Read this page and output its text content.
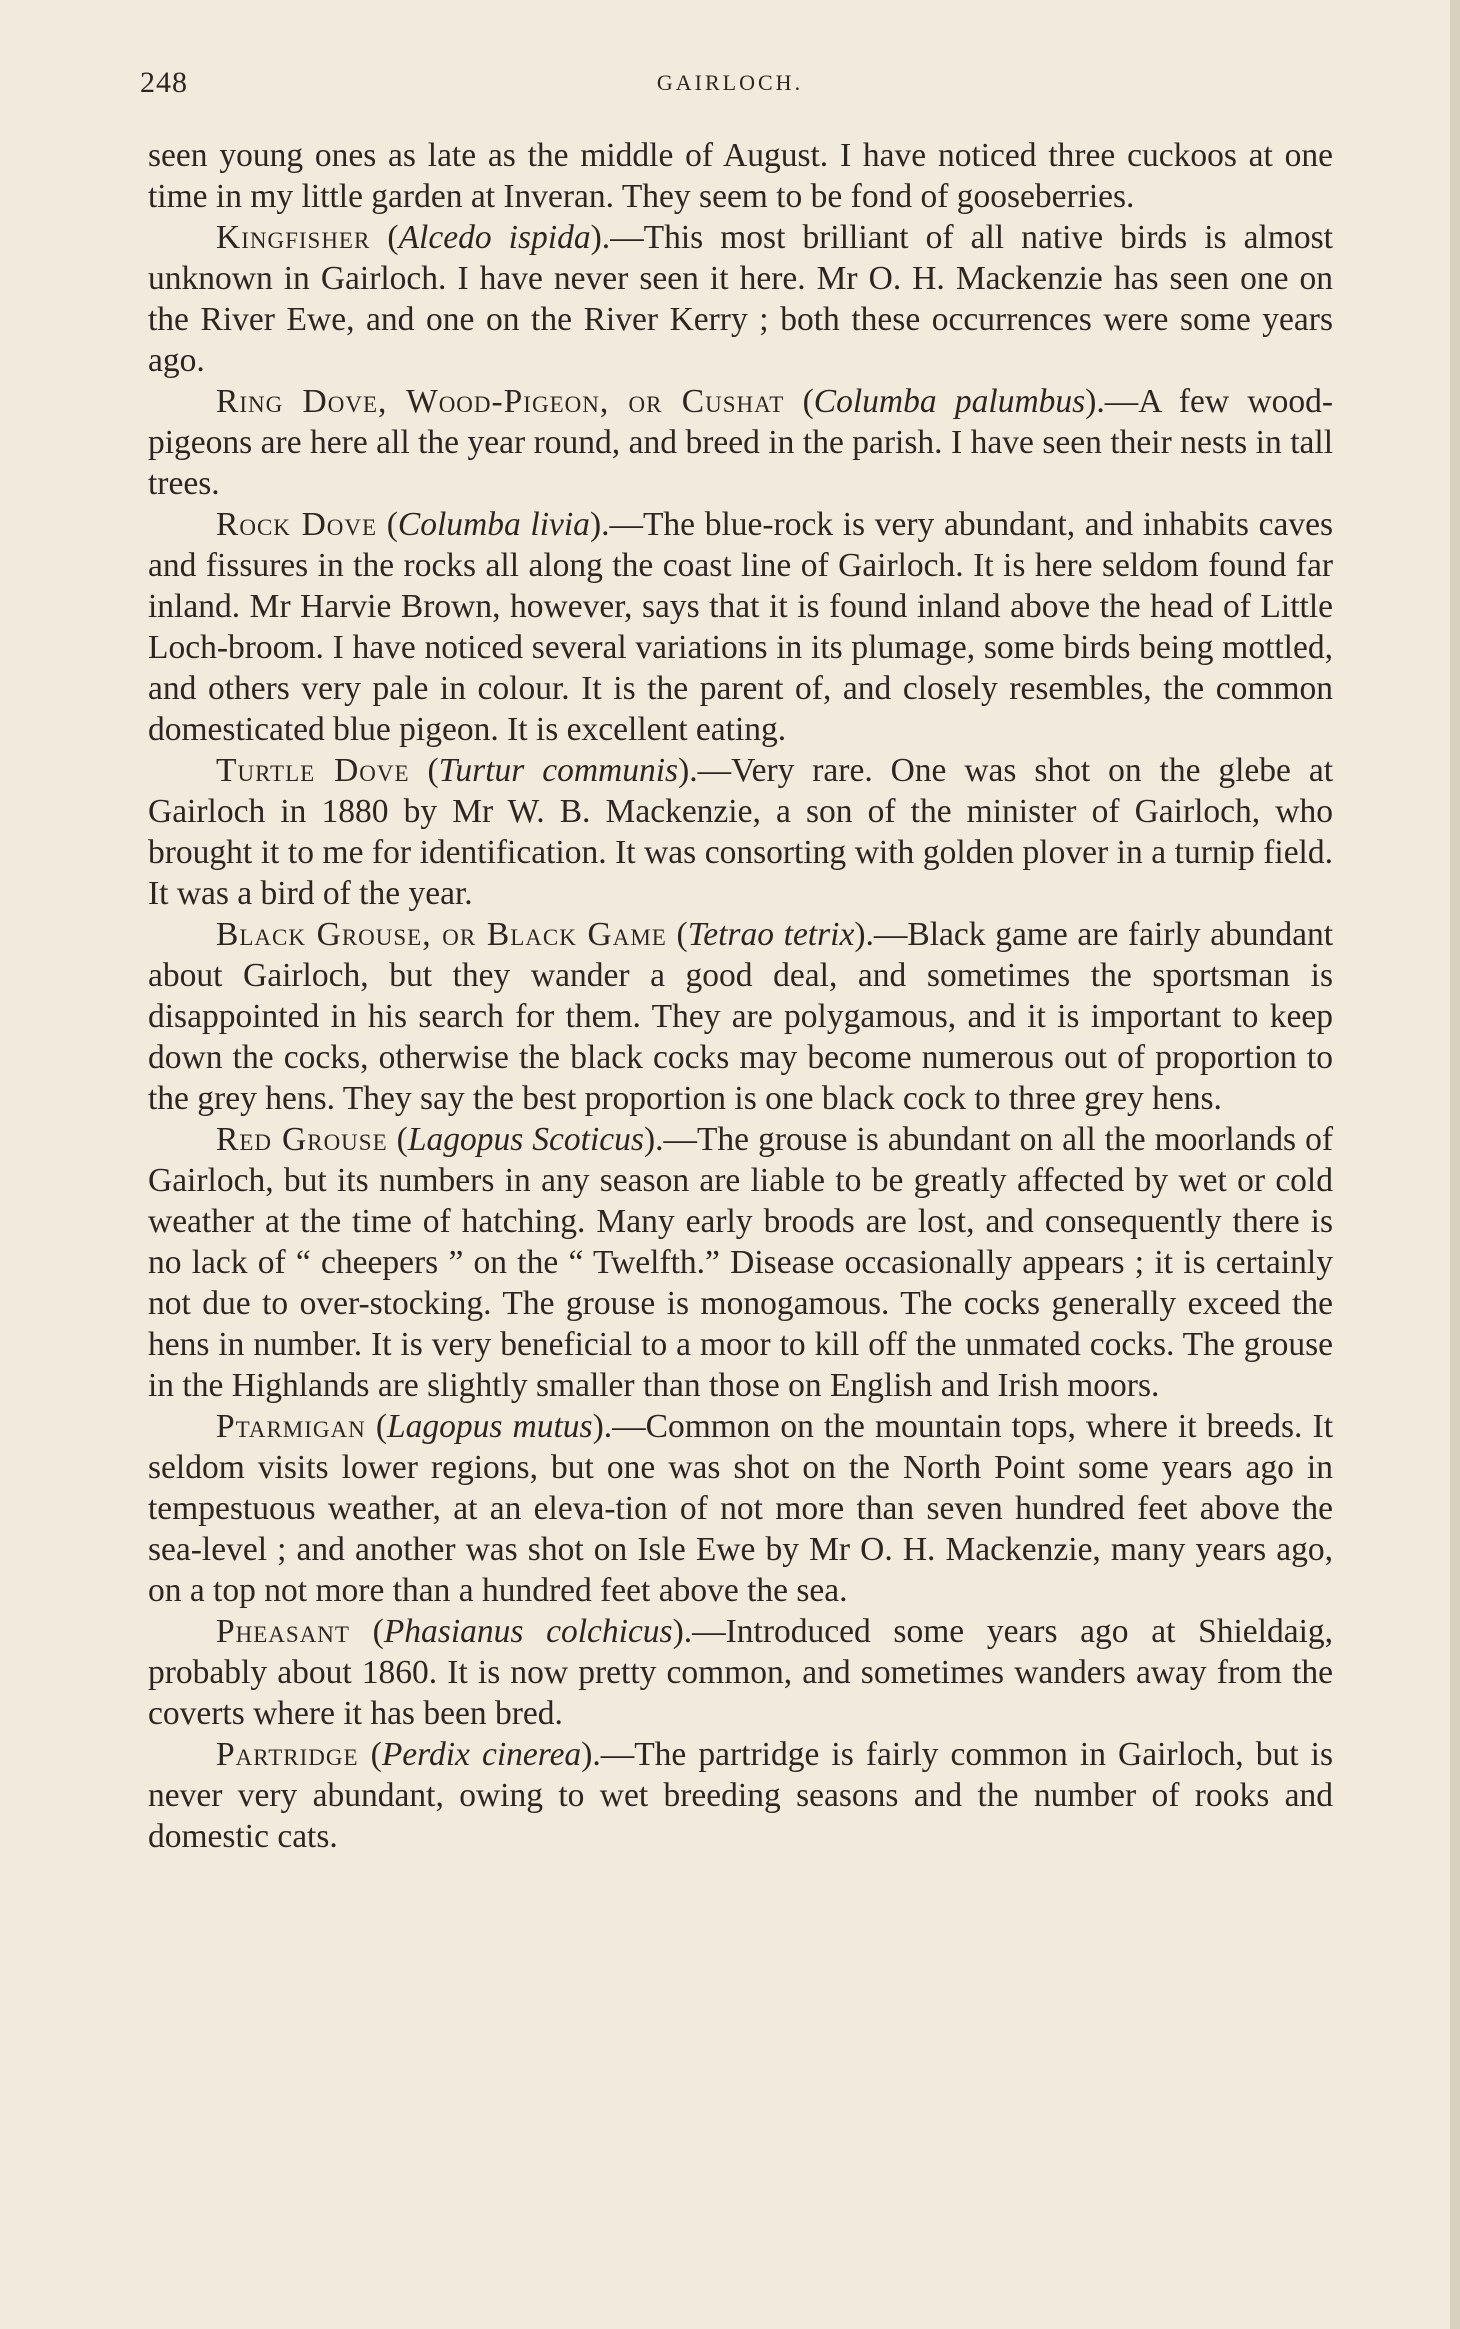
248	GAIRLOCH.

seen young ones as late as the middle of August. I have noticed three cuckoos at one time in my little garden at Inveran. They seem to be fond of gooseberries.

Kingfisher (Alcedo ispida).—This most brilliant of all native birds is almost unknown in Gairloch. I have never seen it here. Mr O. H. Mackenzie has seen one on the River Ewe, and one on the River Kerry ; both these occurrences were some years ago.

Ring Dove, Wood-Pigeon, or Cushat (Columba palumbus).—A few wood-pigeons are here all the year round, and breed in the parish. I have seen their nests in tall trees.

Rock Dove (Columba livia).—The blue-rock is very abundant, and inhabits caves and fissures in the rocks all along the coast line of Gairloch. It is here seldom found far inland. Mr Harvie Brown, however, says that it is found inland above the head of Little Loch-broom. I have noticed several variations in its plumage, some birds being mottled, and others very pale in colour. It is the parent of, and closely resembles, the common domesticated blue pigeon. It is excellent eating.

Turtle Dove (Turtur communis).—Very rare. One was shot on the glebe at Gairloch in 1880 by Mr W. B. Mackenzie, a son of the minister of Gairloch, who brought it to me for identification. It was consorting with golden plover in a turnip field. It was a bird of the year.

Black Grouse, or Black Game (Tetrao tetrix).—Black game are fairly abundant about Gairloch, but they wander a good deal, and sometimes the sportsman is disappointed in his search for them. They are polygamous, and it is important to keep down the cocks, otherwise the black cocks may become numerous out of proportion to the grey hens. They say the best proportion is one black cock to three grey hens.

Red Grouse (Lagopus Scoticus).—The grouse is abundant on all the moorlands of Gairloch, but its numbers in any season are liable to be greatly affected by wet or cold weather at the time of hatching. Many early broods are lost, and consequently there is no lack of “ cheepers ” on the “ Twelfth.” Disease occasionally appears ; it is certainly not due to over-stocking. The grouse is monogamous. The cocks generally exceed the hens in number. It is very beneficial to a moor to kill off the unmated cocks. The grouse in the Highlands are slightly smaller than those on English and Irish moors.

Ptarmigan (Lagopus mutus).—Common on the mountain tops, where it breeds. It seldom visits lower regions, but one was shot on the North Point some years ago in tempestuous weather, at an eleva-tion of not more than seven hundred feet above the sea-level ; and another was shot on Isle Ewe by Mr O. H. Mackenzie, many years ago, on a top not more than a hundred feet above the sea.

Pheasant (Phasianus colchicus).—Introduced some years ago at Shieldaig, probably about 1860. It is now pretty common, and sometimes wanders away from the coverts where it has been bred.

Partridge (Perdix cinerea).—The partridge is fairly common in Gairloch, but is never very abundant, owing to wet breeding seasons and the number of rooks and domestic cats.
